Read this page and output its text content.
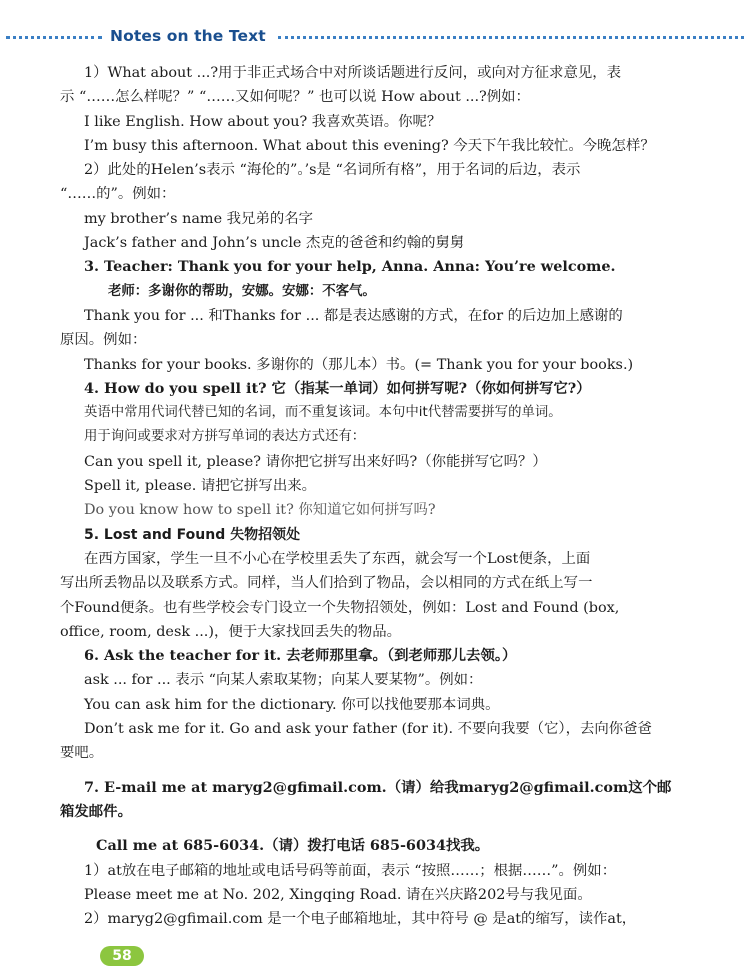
Notes on the Text
1）What about ...?用于非正式场合中对所谈话题进行反问，或向对方征求意见，表
示 “……怎么样呢？” “……又如何呢？” 也可以说 How about ...?例如：
I like English. How about you? 我喜欢英语。你呢？
I’m busy this afternoon. What about this evening? 今天下午我比较忙。今晚怎样？
2）此处的Helen’s表示 “海伦的”。’s是 “名词所有格”，用于名词的后边，表示
“……的”。例如：
my brother’s name 我兄弟的名字
Jack’s father and John’s uncle 杰克的爸爸和约翰的舅舅
3. Teacher: Thank you for your help, Anna. Anna: You’re welcome.
老师：多谢你的帮助，安娜。安娜：不客气。
Thank you for ... 和Thanks for ... 都是表达感谢的方式，在for 的后边加上感谢的
原因。例如：
Thanks for your books. 多谢你的（那儿本）书。(= Thank you for your books.)
4. How do you spell it? 它（指某一单词）如何拼写呢?（你如何拼写它?）
英语中常用代词代替已知的名词，而不重复该词。本句中it代替需要拼写的单词。
用于询问或要求对方拼写单词的表达方式还有：
Can you spell it, please? 请你把它拼写出来好吗?（你能拼写它吗？）
Spell it, please. 请把它拼写出来。
Do you know how to spell it? 你知道它如何拼写吗?
5. Lost and Found 失物招领处
在西方国家，学生一旦不小心在学校里丢失了东西，就会写一个Lost便条，上面
写出所丢物品以及联系方式。同样，当人们拾到了物品，会以相同的方式在纸上写一
个Found便条。也有些学校会专门设立一个失物招领处，例如：Lost and Found (box,
office, room, desk ...)，便于大家找回丢失的物品。
6. Ask the teacher for it. 去老师那里拿。（到老师那儿去领。）
ask ... for ... 表示 “向某人索取某物；向某人要某物”。例如：
You can ask him for the dictionary. 你可以找他要那本词典。
Don’t ask me for it. Go and ask your father (for it). 不要向我要（它），去向你爸爸
要吧。
7. E-mail me at maryg2@gfimail.com.（请）给我maryg2@gfimail.com这个邮
箱发邮件。
Call me at 685-6034.（请）拨打电话 685-6034找我。
1）at放在电子邮箱的地址或电话号码等前面，表示 “按照……；根据……”。例如：
Please meet me at No. 202, Xingqing Road. 请在兴庆路202号与我见面。
2）maryg2@gfimail.com 是一个电子邮箱地址，其中符号 @ 是at的缩写，读作at，
58
